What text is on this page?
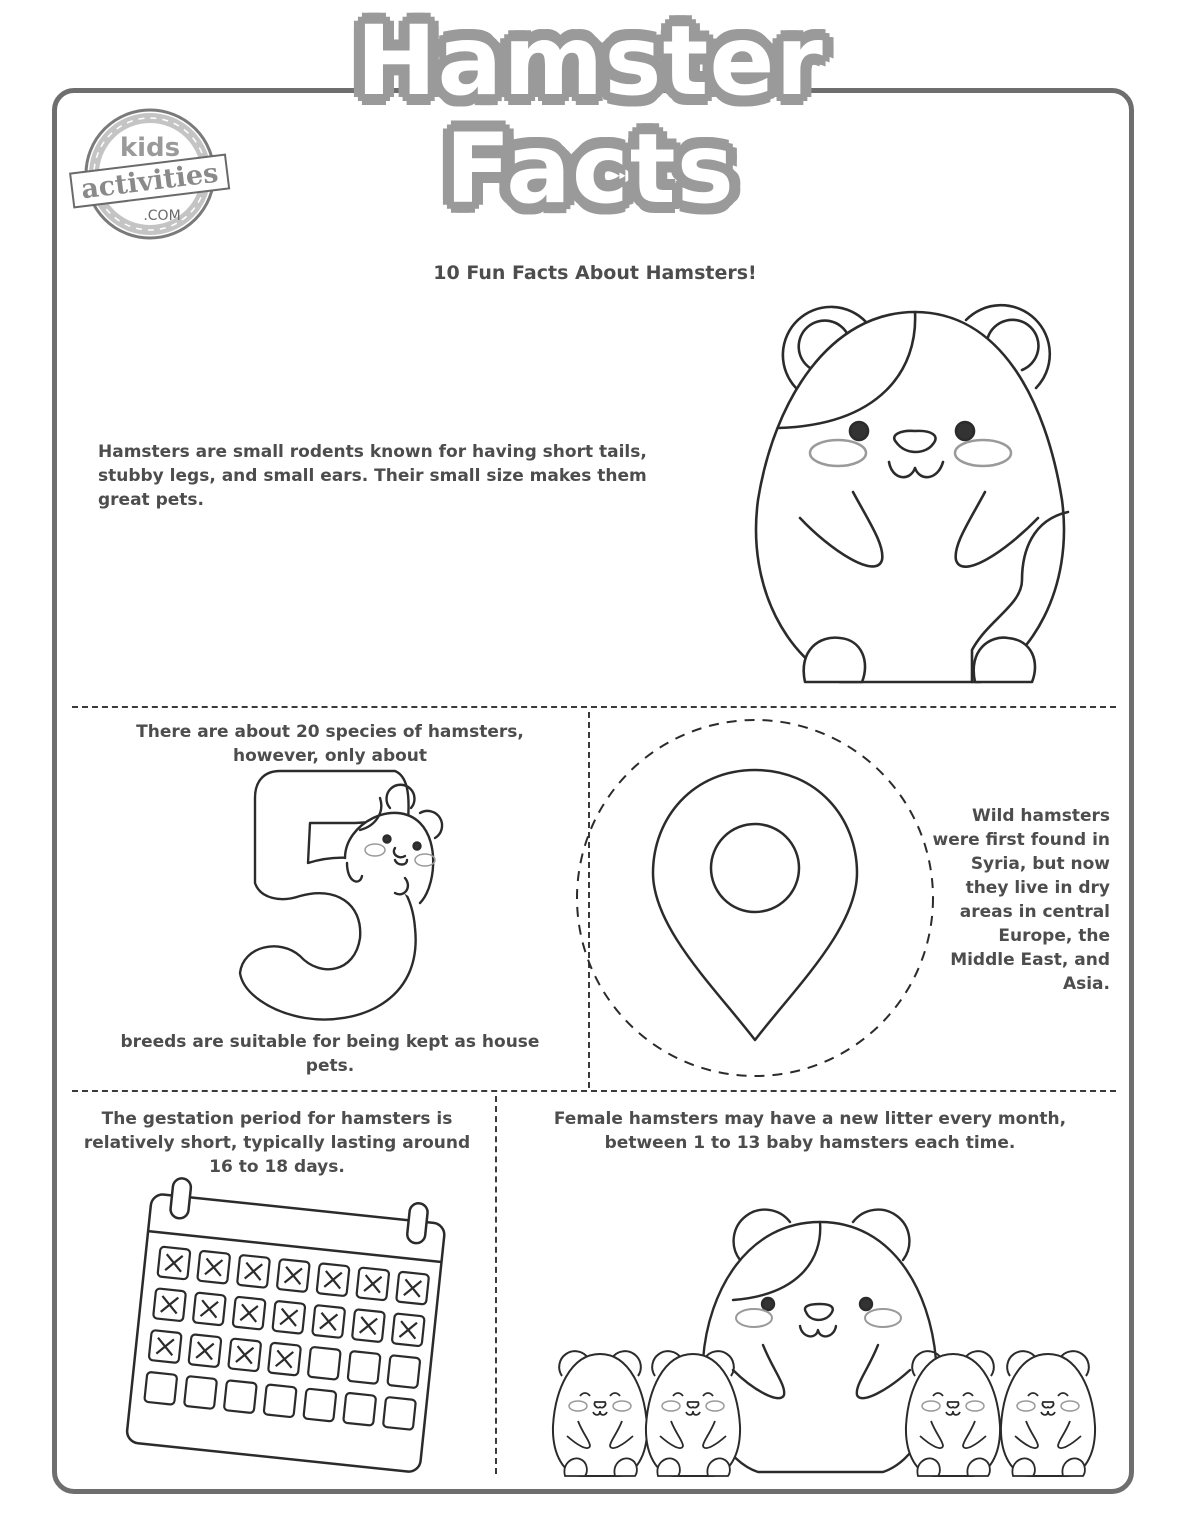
kids
activities
.COM
Hamster
Facts
10 Fun Facts About Hamsters!
Hamsters are small rodents known for having short tails, stubby legs, and small ears. Their small size makes them great pets.
There are about 20 species of hamsters, however, only about
breeds are suitable for being kept as house pets.
Wild hamsters were first found in Syria, but now they live in dry areas in central Europe, the Middle East, and Asia.
The gestation period for hamsters is relatively short, typically lasting around 16 to 18 days.
Female hamsters may have a new litter every month, between 1 to 13 baby hamsters each time.
